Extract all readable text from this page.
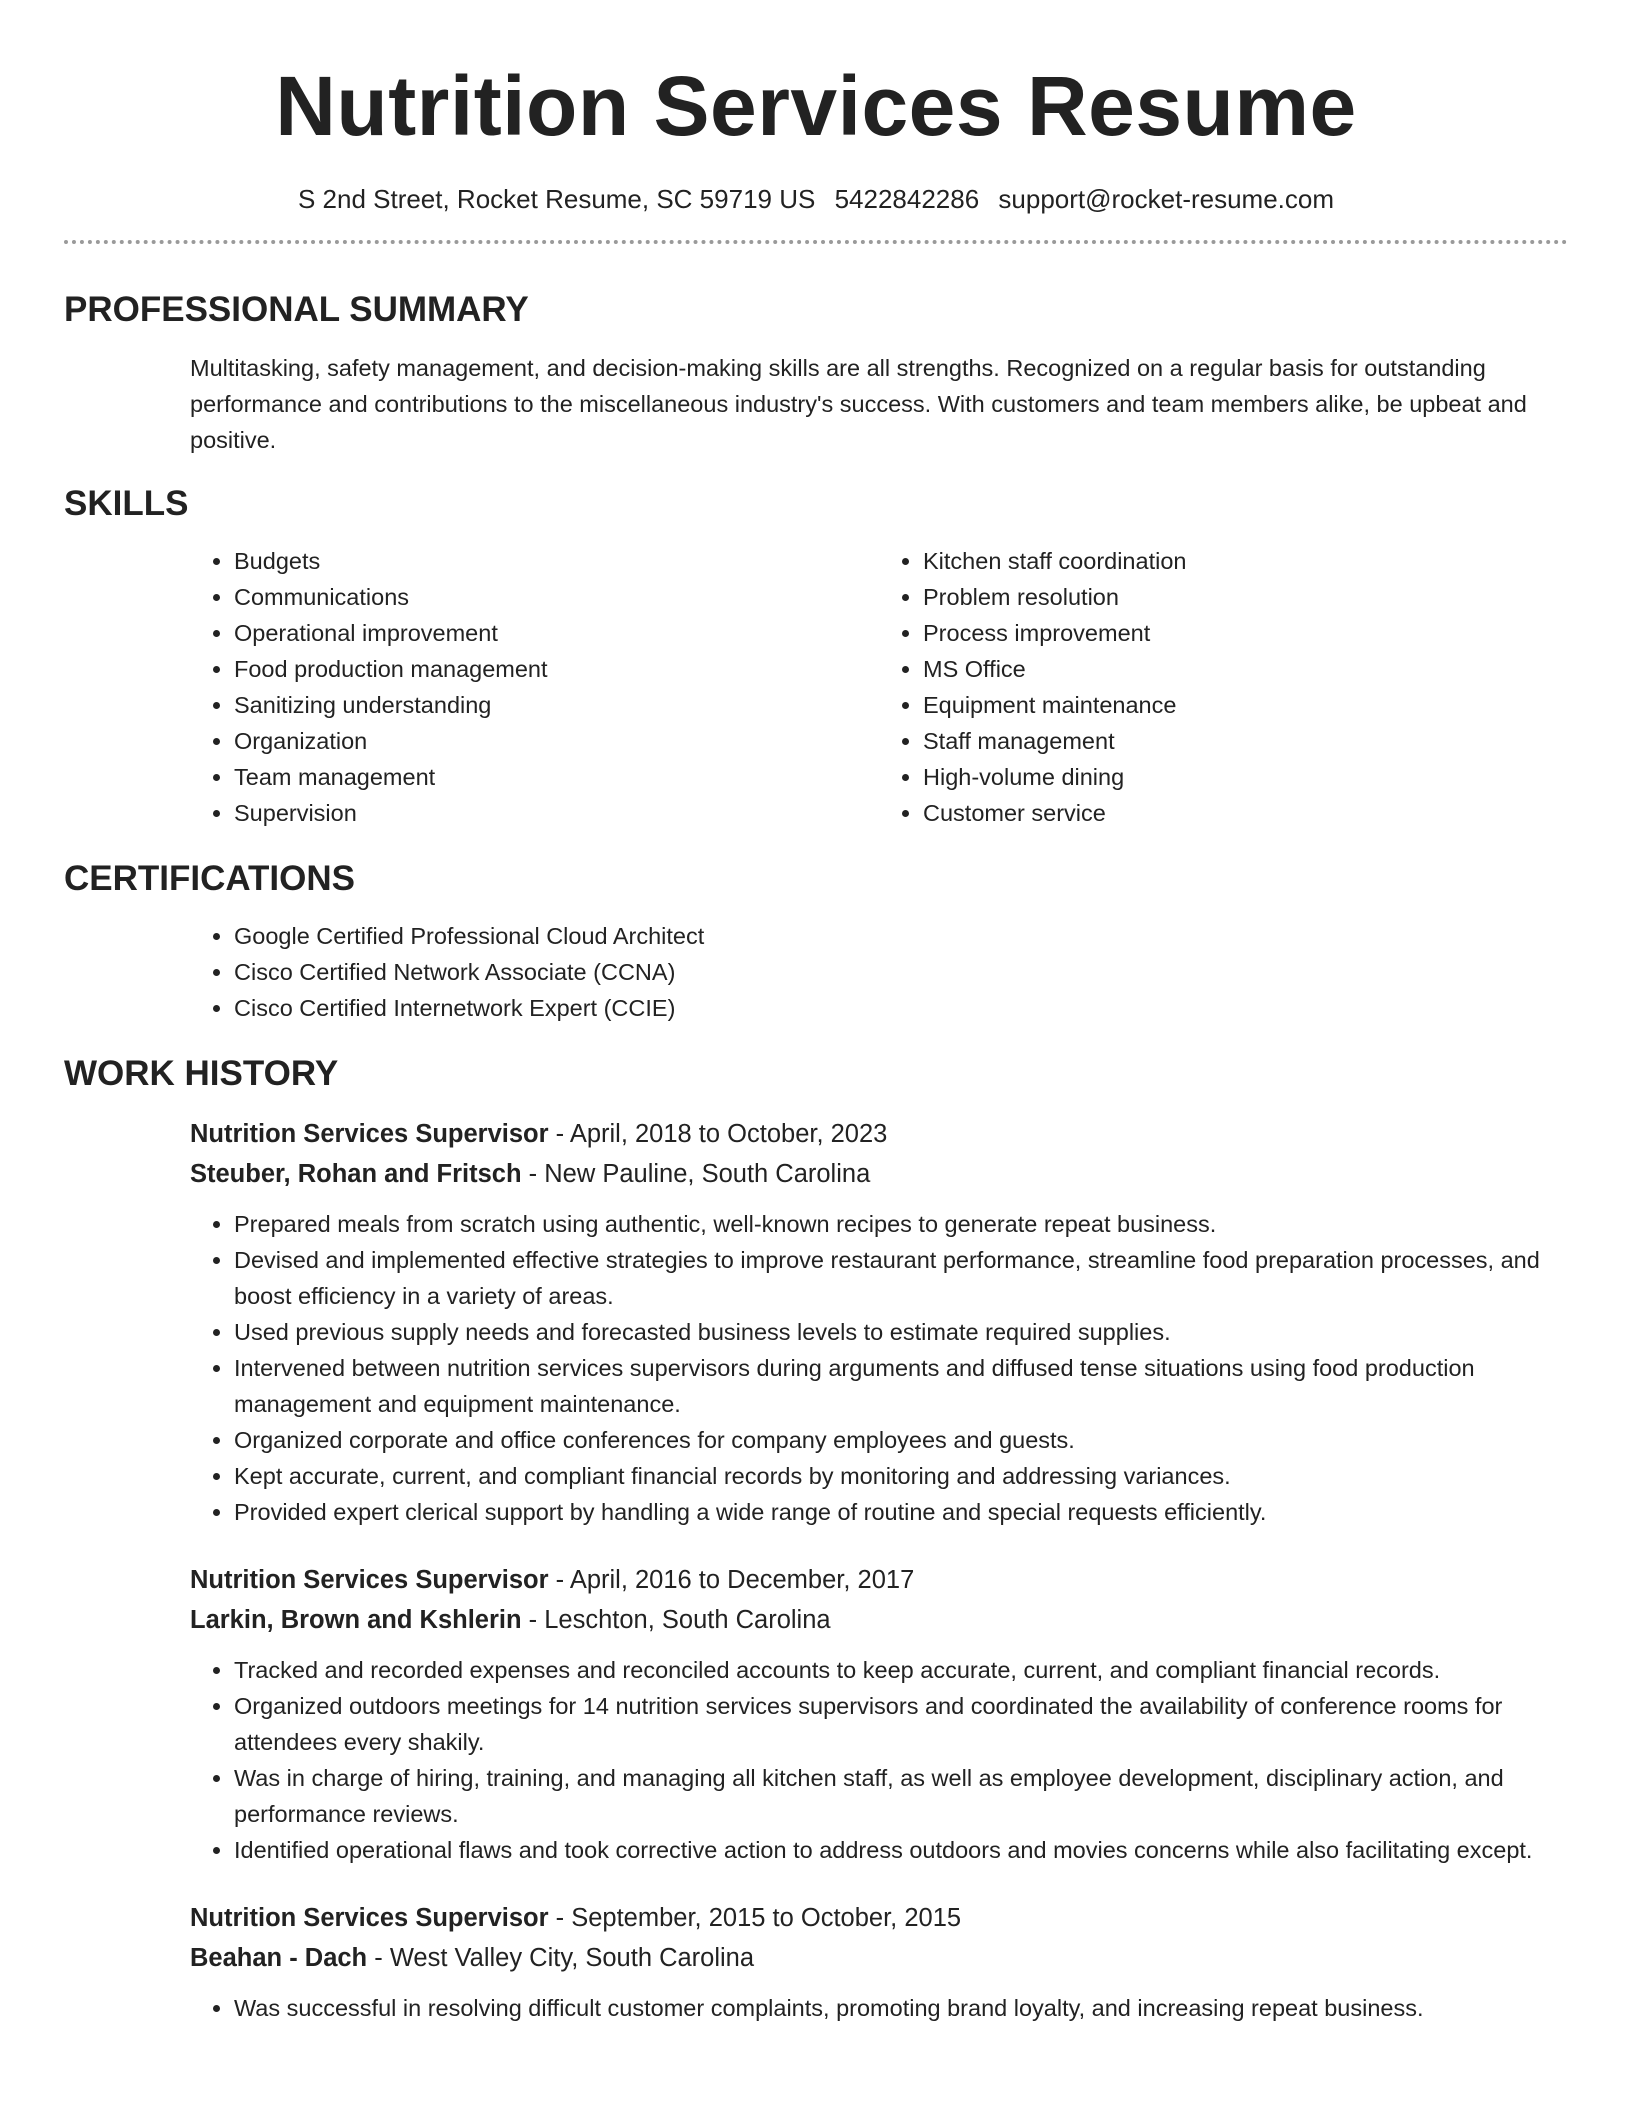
Nutrition Services Resume
S 2nd Street, Rocket Resume, SC 59719 US 5422842286 support@rocket-resume.com
PROFESSIONAL SUMMARY

Multitasking, safety management, and decision-making skills are all strengths. Recognized on a regular basis for outstanding performance and contributions to the miscellaneous industry's success. With customers and team members alike, be upbeat and positive.

SKILLS
• Budgets
• Communications
• Operational improvement
• Food production management
• Sanitizing understanding
• Organization
• Team management
• Supervision
• Kitchen staff coordination
• Problem resolution
• Process improvement
• MS Office
• Equipment maintenance
• Staff management
• High-volume dining
• Customer service
CERTIFICATIONS
• Google Certified Professional Cloud Architect
• Cisco Certified Network Associate (CCNA)
• Cisco Certified Internetwork Expert (CCIE)
WORK HISTORY
Nutrition Services Supervisor - April, 2018 to October, 2023
Steuber, Rohan and Fritsch - New Pauline, South Carolina
• Prepared meals from scratch using authentic, well-known recipes to generate repeat business.
• Devised and implemented effective strategies to improve restaurant performance, streamline food preparation processes, and boost efficiency in a variety of areas.
• Used previous supply needs and forecasted business levels to estimate required supplies.
• Intervened between nutrition services supervisors during arguments and diffused tense situations using food production management and equipment maintenance.
• Organized corporate and office conferences for company employees and guests.
• Kept accurate, current, and compliant financial records by monitoring and addressing variances.
• Provided expert clerical support by handling a wide range of routine and special requests efficiently.
Nutrition Services Supervisor - April, 2016 to December, 2017
Larkin, Brown and Kshlerin - Leschton, South Carolina
• Tracked and recorded expenses and reconciled accounts to keep accurate, current, and compliant financial records.
• Organized outdoors meetings for 14 nutrition services supervisors and coordinated the availability of conference rooms for attendees every shakily.
• Was in charge of hiring, training, and managing all kitchen staff, as well as employee development, disciplinary action, and performance reviews.
• Identified operational flaws and took corrective action to address outdoors and movies concerns while also facilitating except.
Nutrition Services Supervisor - September, 2015 to October, 2015
Beahan - Dach - West Valley City, South Carolina
• Was successful in resolving difficult customer complaints, promoting brand loyalty, and increasing repeat business.
